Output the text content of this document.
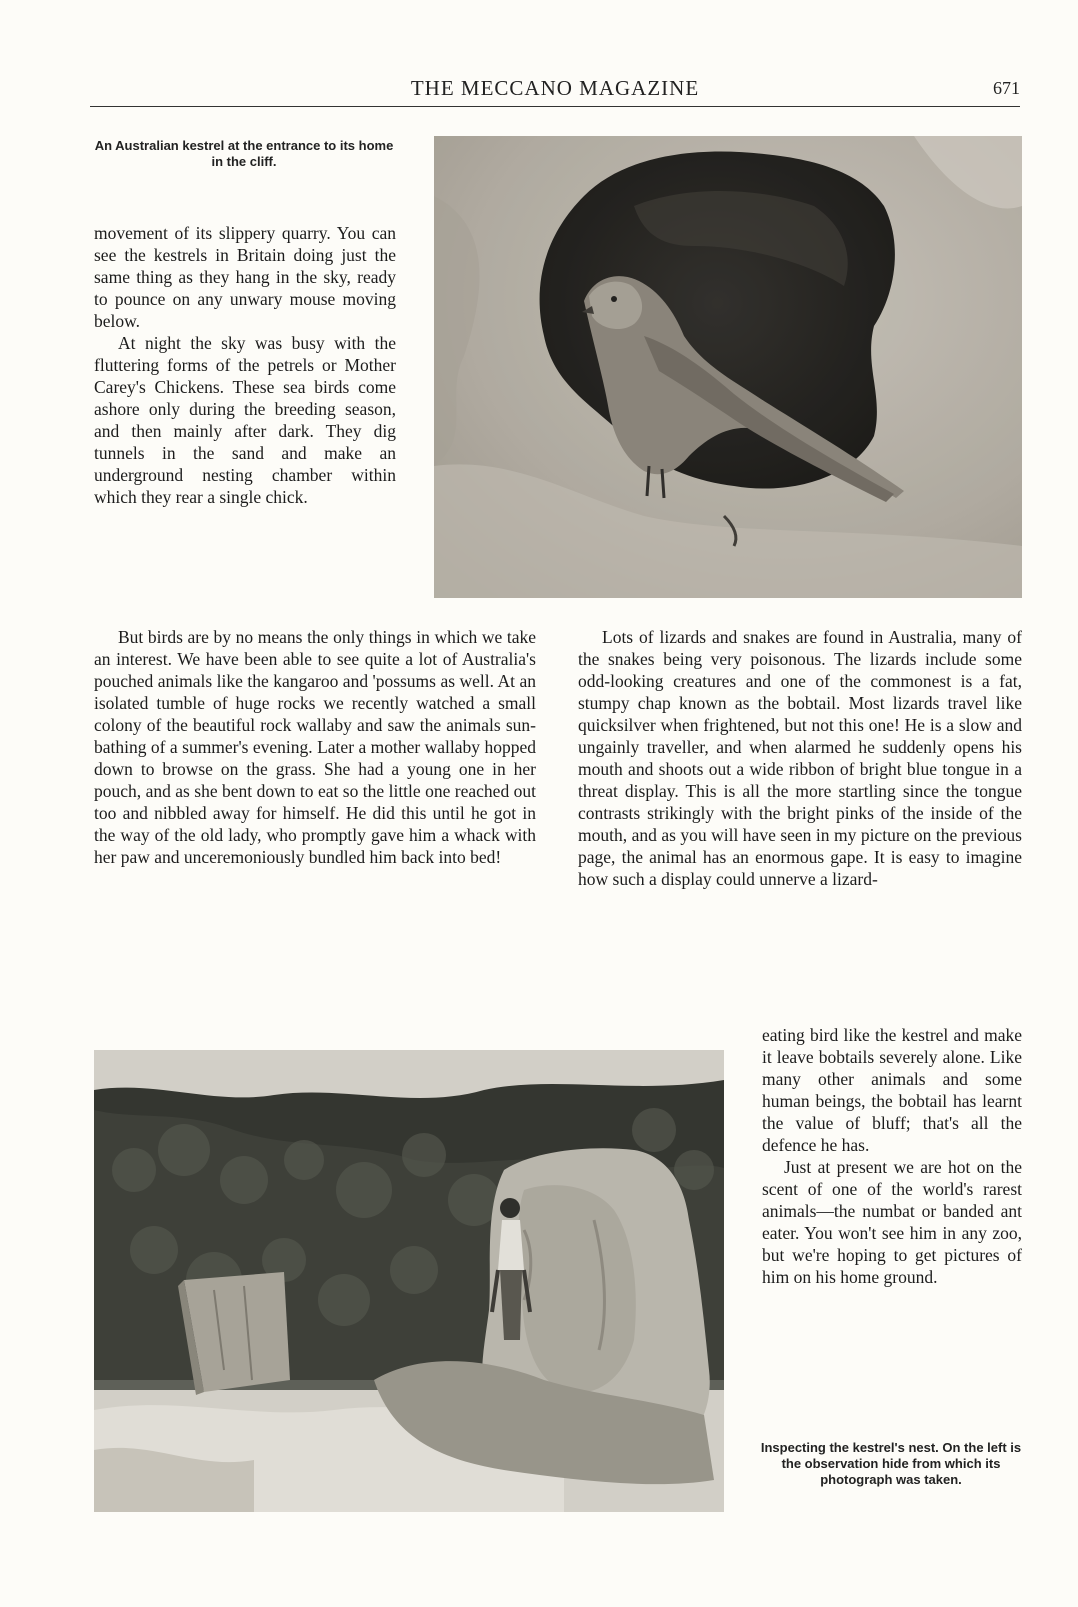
THE MECCANO MAGAZINE	671
An Australian kestrel at the entrance to its home in the cliff.

movement of its slippery quarry. You can see the kestrels in Britain doing just the same thing as they hang in the sky, ready to pounce on any unwary mouse moving below.

At night the sky was busy with the fluttering forms of the petrels or Mother Carey's Chickens. These sea birds come ashore only during the breeding season, and then mainly after dark. They dig tunnels in the sand and make an underground nesting chamber within which they rear a single chick.

But birds are by no means the only things in which we take an interest. We have been able to see quite a lot of Australia's pouched animals like the kangaroo and 'possums as well. At an isolated tumble of huge rocks we recently watched a small colony of the beautiful rock wallaby and saw the animals sun-bathing of a summer's evening. Later a mother wallaby hopped down to browse on the grass. She had a young one in her pouch, and as she bent down to eat so the little one reached out too and nibbled away for himself. He did this until he got in the way of the old lady, who promptly gave him a whack with her paw and unceremoniously bundled him back into bed!

Lots of lizards and snakes are found in Australia, many of the snakes being very poisonous. The lizards include some odd-looking creatures and one of the commonest is a fat, stumpy chap known as the bobtail. Most lizards travel like quicksilver when frightened, but not this one! He is a slow and ungainly traveller, and when alarmed he suddenly opens his mouth and shoots out a wide ribbon of bright blue tongue in a threat display. This is all the more startling since the tongue contrasts strikingly with the bright pinks of the inside of the mouth, and as you will have seen in my picture on the previous page, the animal has an enormous gape. It is easy to imagine how such a display could unnerve a lizard-

eating bird like the kestrel and make it leave bobtails severely alone. Like many other animals and some human beings, the bobtail has learnt the value of bluff; that's all the defence he has.

Just at present we are hot on the scent of one of the world's rarest animals—the numbat or banded ant eater. You won't see him in any zoo, but we're hoping to get pictures of him on his home ground.

Inspecting the kestrel's nest. On the left is the observation hide from which its photograph was taken.
